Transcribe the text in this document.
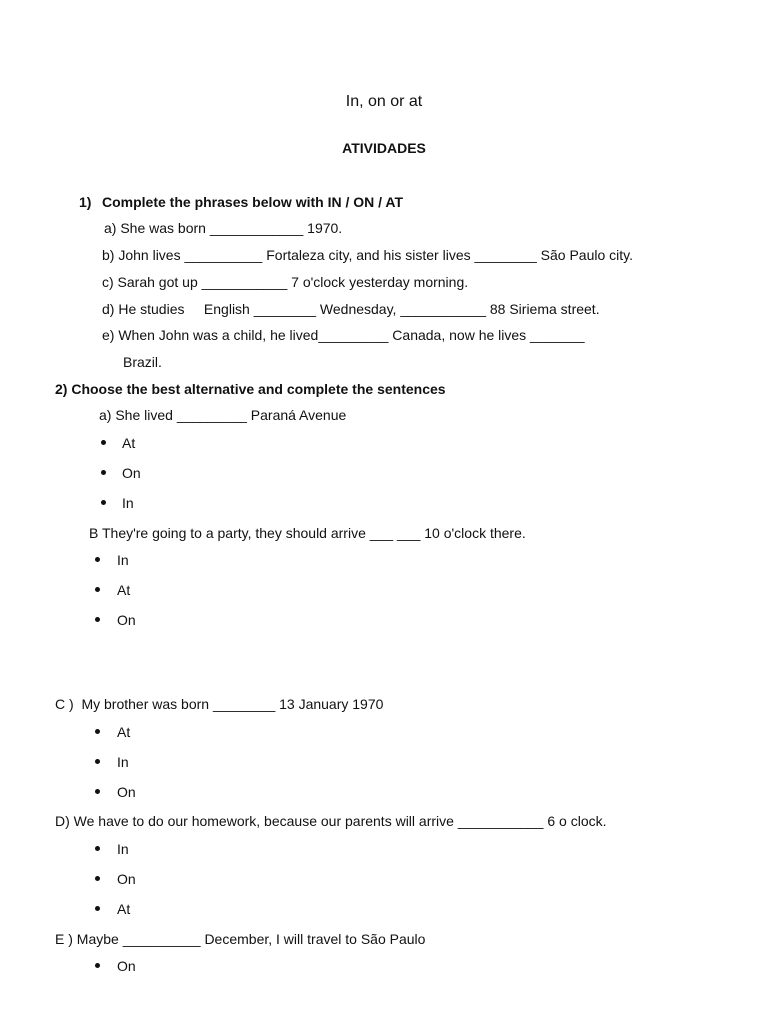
In, on or at
ATIVIDADES
1) Complete the phrases below with IN / ON / AT
a) She was born ____________ 1970.
b) John lives __________ Fortaleza city, and his sister lives ________ São Paulo city.
c) Sarah got up ___________ 7 o'clock yesterday morning.
d) He studies     English ________ Wednesday, ___________ 88 Siriema street.
e) When John was a child, he lived_________ Canada, now he lives _______
Brazil.
2) Choose the best alternative and complete the sentences
a) She lived _________ Paraná Avenue
At
On
In
B They're going to a party, they should arrive ___ ___ 10 o'clock there.
In
At
On
C )  My brother was born ________ 13 January 1970
At
In
On
D) We have to do our homework, because our parents will arrive ___________ 6 o clock.
In
On
At
E ) Maybe __________ December, I will travel to São Paulo
On
